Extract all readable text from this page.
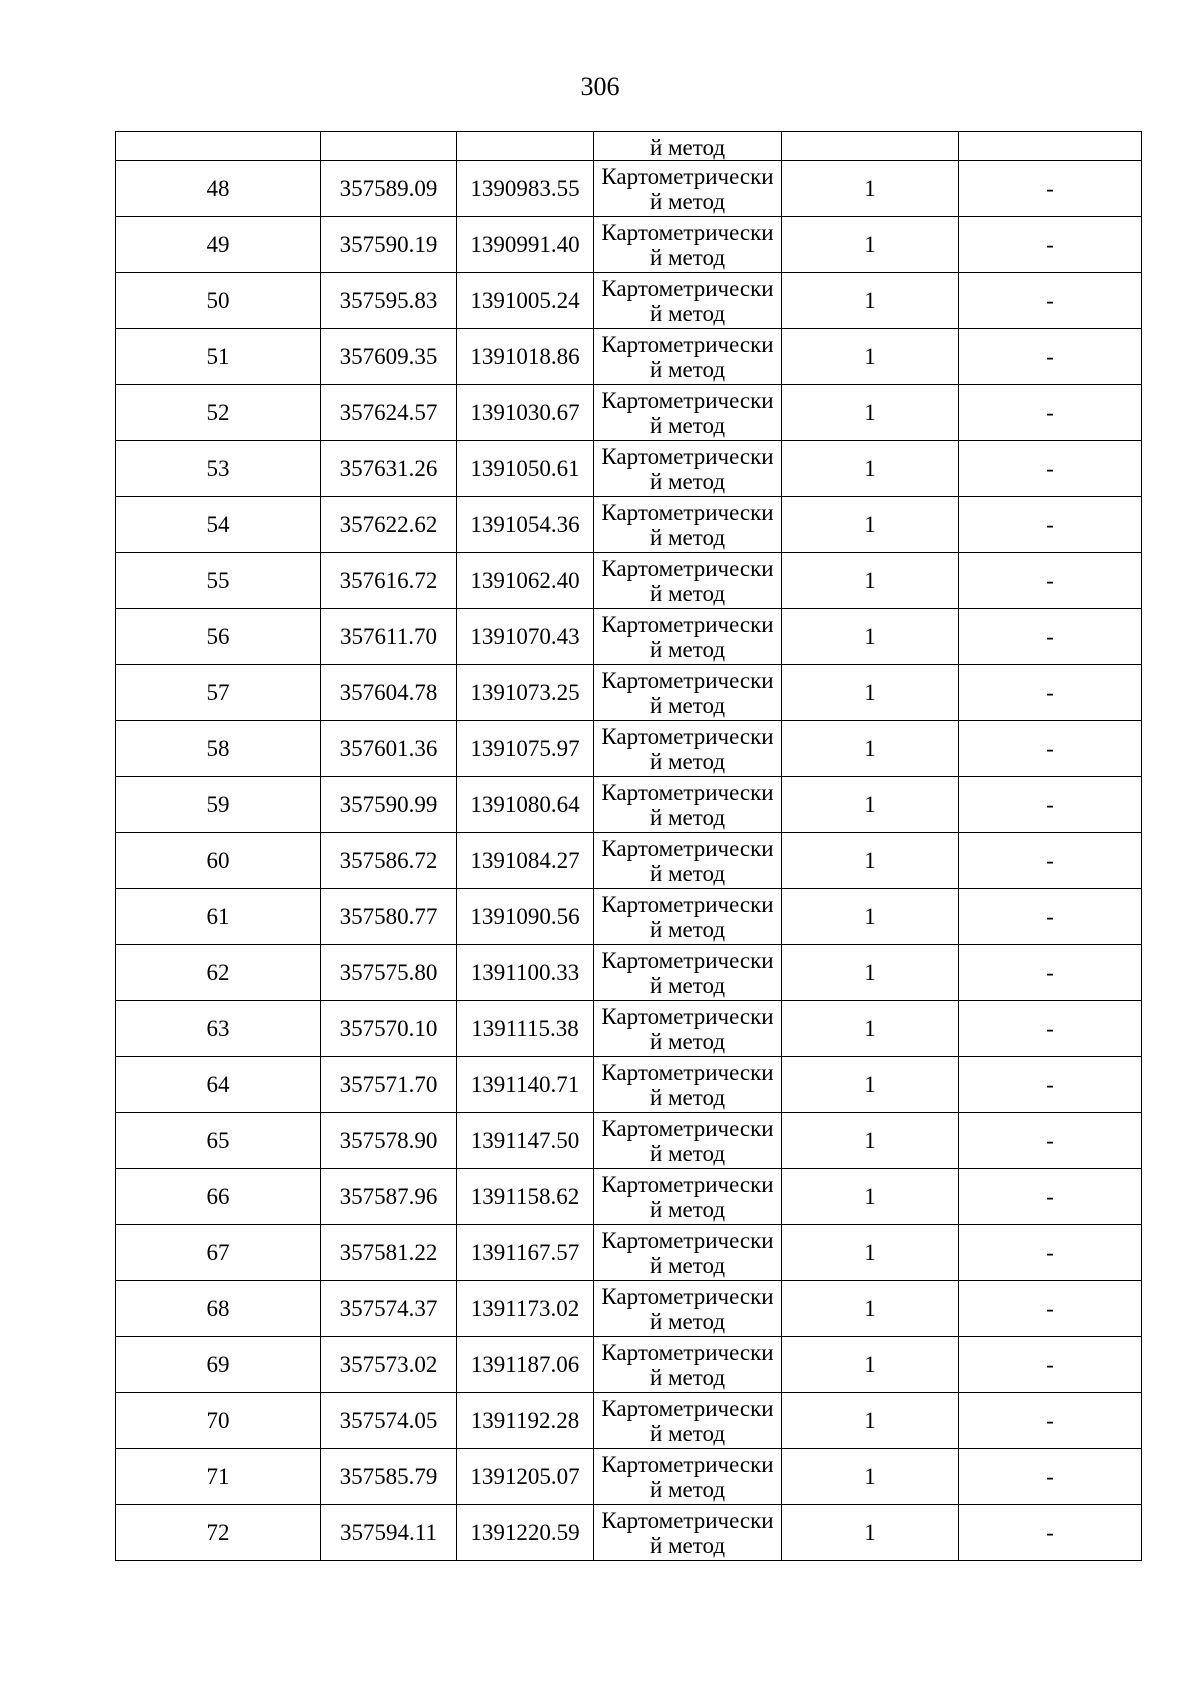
306
			й метод		
48	357589.09	1390983.55	Картометрически
й метод	1	-
49	357590.19	1390991.40	Картометрически
й метод	1	-
50	357595.83	1391005.24	Картометрически
й метод	1	-
51	357609.35	1391018.86	Картометрически
й метод	1	-
52	357624.57	1391030.67	Картометрически
й метод	1	-
53	357631.26	1391050.61	Картометрически
й метод	1	-
54	357622.62	1391054.36	Картометрически
й метод	1	-
55	357616.72	1391062.40	Картометрически
й метод	1	-
56	357611.70	1391070.43	Картометрически
й метод	1	-
57	357604.78	1391073.25	Картометрически
й метод	1	-
58	357601.36	1391075.97	Картометрически
й метод	1	-
59	357590.99	1391080.64	Картометрически
й метод	1	-
60	357586.72	1391084.27	Картометрически
й метод	1	-
61	357580.77	1391090.56	Картометрически
й метод	1	-
62	357575.80	1391100.33	Картометрически
й метод	1	-
63	357570.10	1391115.38	Картометрически
й метод	1	-
64	357571.70	1391140.71	Картометрически
й метод	1	-
65	357578.90	1391147.50	Картометрически
й метод	1	-
66	357587.96	1391158.62	Картометрически
й метод	1	-
67	357581.22	1391167.57	Картометрически
й метод	1	-
68	357574.37	1391173.02	Картометрически
й метод	1	-
69	357573.02	1391187.06	Картометрически
й метод	1	-
70	357574.05	1391192.28	Картометрически
й метод	1	-
71	357585.79	1391205.07	Картометрически
й метод	1	-
72	357594.11	1391220.59	Картометрически
й метод	1	-
